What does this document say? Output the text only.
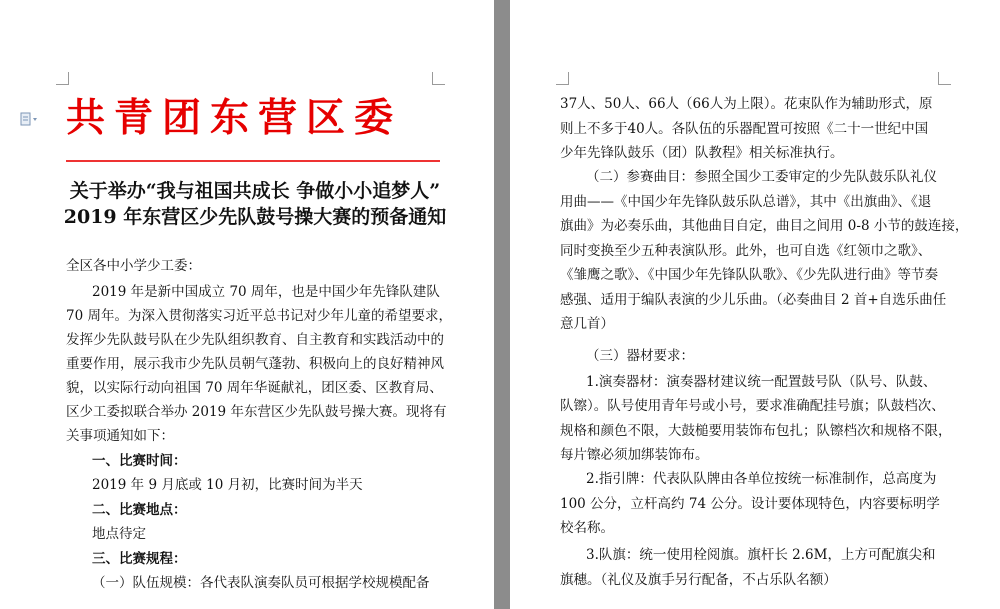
共青团东营区委
关于举办“我与祖国共成长 争做小小追梦人”
2019 年东营区少先队鼓号操大赛的预备通知
全区各中小学少工委：
2019 年是新中国成立 70 周年，也是中国少年先锋队建队
70 周年。为深入贯彻落实习近平总书记对少年儿童的希望要求，
发挥少先队鼓号队在少先队组织教育、自主教育和实践活动中的
重要作用，展示我市少先队员朝气蓬勃、积极向上的良好精神风
貌，以实际行动向祖国 70 周年华诞献礼，团区委、区教育局、
区少工委拟联合举办 2019 年东营区少先队鼓号操大赛。现将有
关事项通知如下：
一、比赛时间：
2019 年 9 月底或 10 月初，比赛时间为半天
二、比赛地点：
地点待定
三、比赛规程：
（一）队伍规模：各代表队演奏队员可根据学校规模配备
37人、50人、66人（66人为上限）。花束队作为辅助形式，原
则上不多于40人。各队伍的乐器配置可按照《二十一世纪中国
少年先锋队鼓乐（团）队教程》相关标准执行。
（二）参赛曲目：参照全国少工委审定的少先队鼓乐队礼仪
用曲——《中国少年先锋队鼓乐队总谱》，其中《出旗曲》、《退
旗曲》为必奏乐曲，其他曲目自定，曲目之间用 0-8 小节的鼓连接，
同时变换至少五种表演队形。此外，也可自选《红领巾之歌》、
《雏鹰之歌》、《中国少年先锋队队歌》、《少先队进行曲》等节奏
感强、适用于编队表演的少儿乐曲。（必奏曲目 2 首+自选乐曲任
意几首）
（三）器材要求：
1.演奏器材：演奏器材建议统一配置鼓号队（队号、队鼓、
队镲）。队号使用青年号或小号，要求准确配挂号旗；队鼓档次、
规格和颜色不限，大鼓槌要用装饰布包扎；队镲档次和规格不限，
每片镲必须加绑装饰布。
2.指引牌：代表队队牌由各单位按统一标准制作，总高度为
100 公分，立杆高约 74 公分。设计要体现特色，内容要标明学
校名称。
3.队旗：统一使用栓阅旗。旗杆长 2.6M，上方可配旗尖和
旗穗。（礼仪及旗手另行配备，不占乐队名额）
